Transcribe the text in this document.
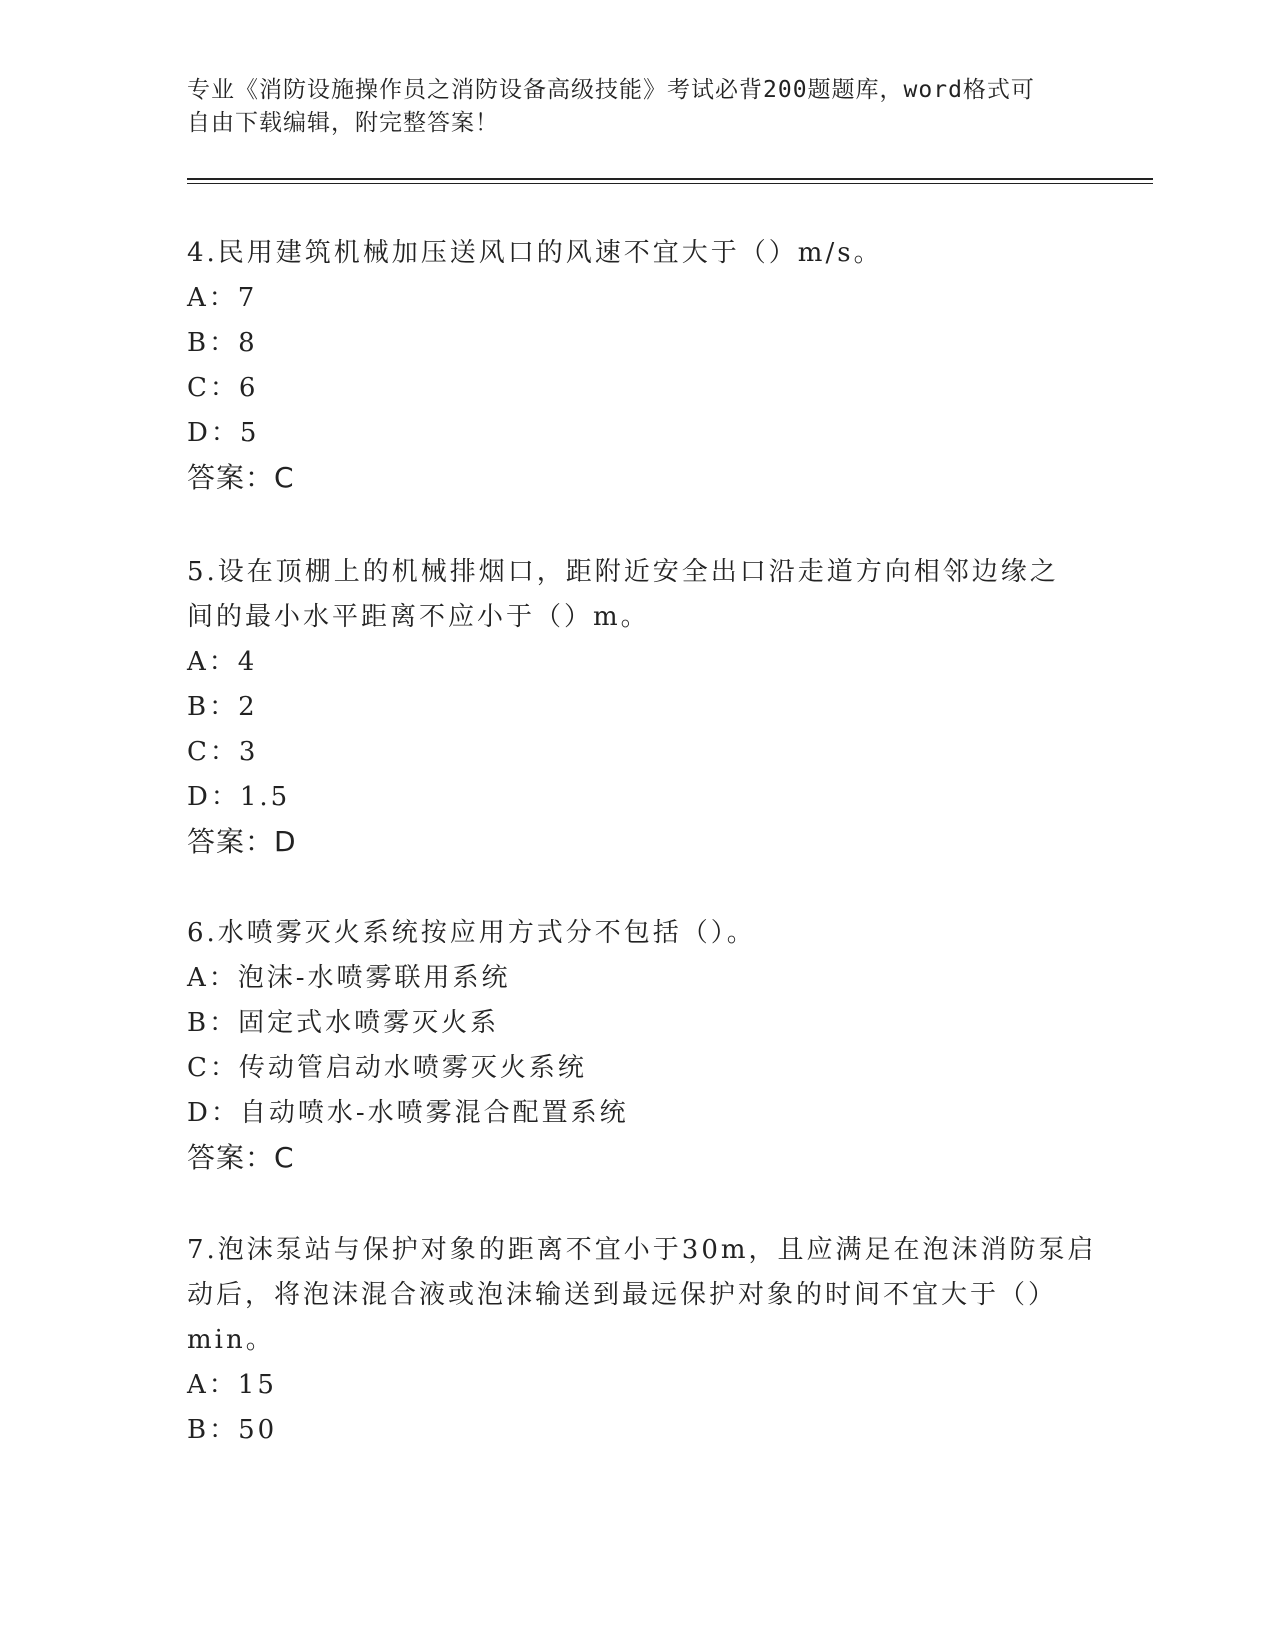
专业《消防设施操作员之消防设备高级技能》考试必背200题题库，word格式可
自由下载编辑，附完整答案！
4.民用建筑机械加压送风口的风速不宜大于（）m/s。
A：7
B：8
C：6
D：5
答案：C
5.设在顶棚上的机械排烟口，距附近安全出口沿走道方向相邻边缘之
间的最小水平距离不应小于（）m。
A：4
B：2
C：3
D：1.5
答案：D
6.水喷雾灭火系统按应用方式分不包括（）。
A：泡沫-水喷雾联用系统
B：固定式水喷雾灭火系
C：传动管启动水喷雾灭火系统
D：自动喷水-水喷雾混合配置系统
答案：C
7.泡沫泵站与保护对象的距离不宜小于30m，且应满足在泡沫消防泵启
动后，将泡沫混合液或泡沫输送到最远保护对象的时间不宜大于（）
min。
A：15
B：50
